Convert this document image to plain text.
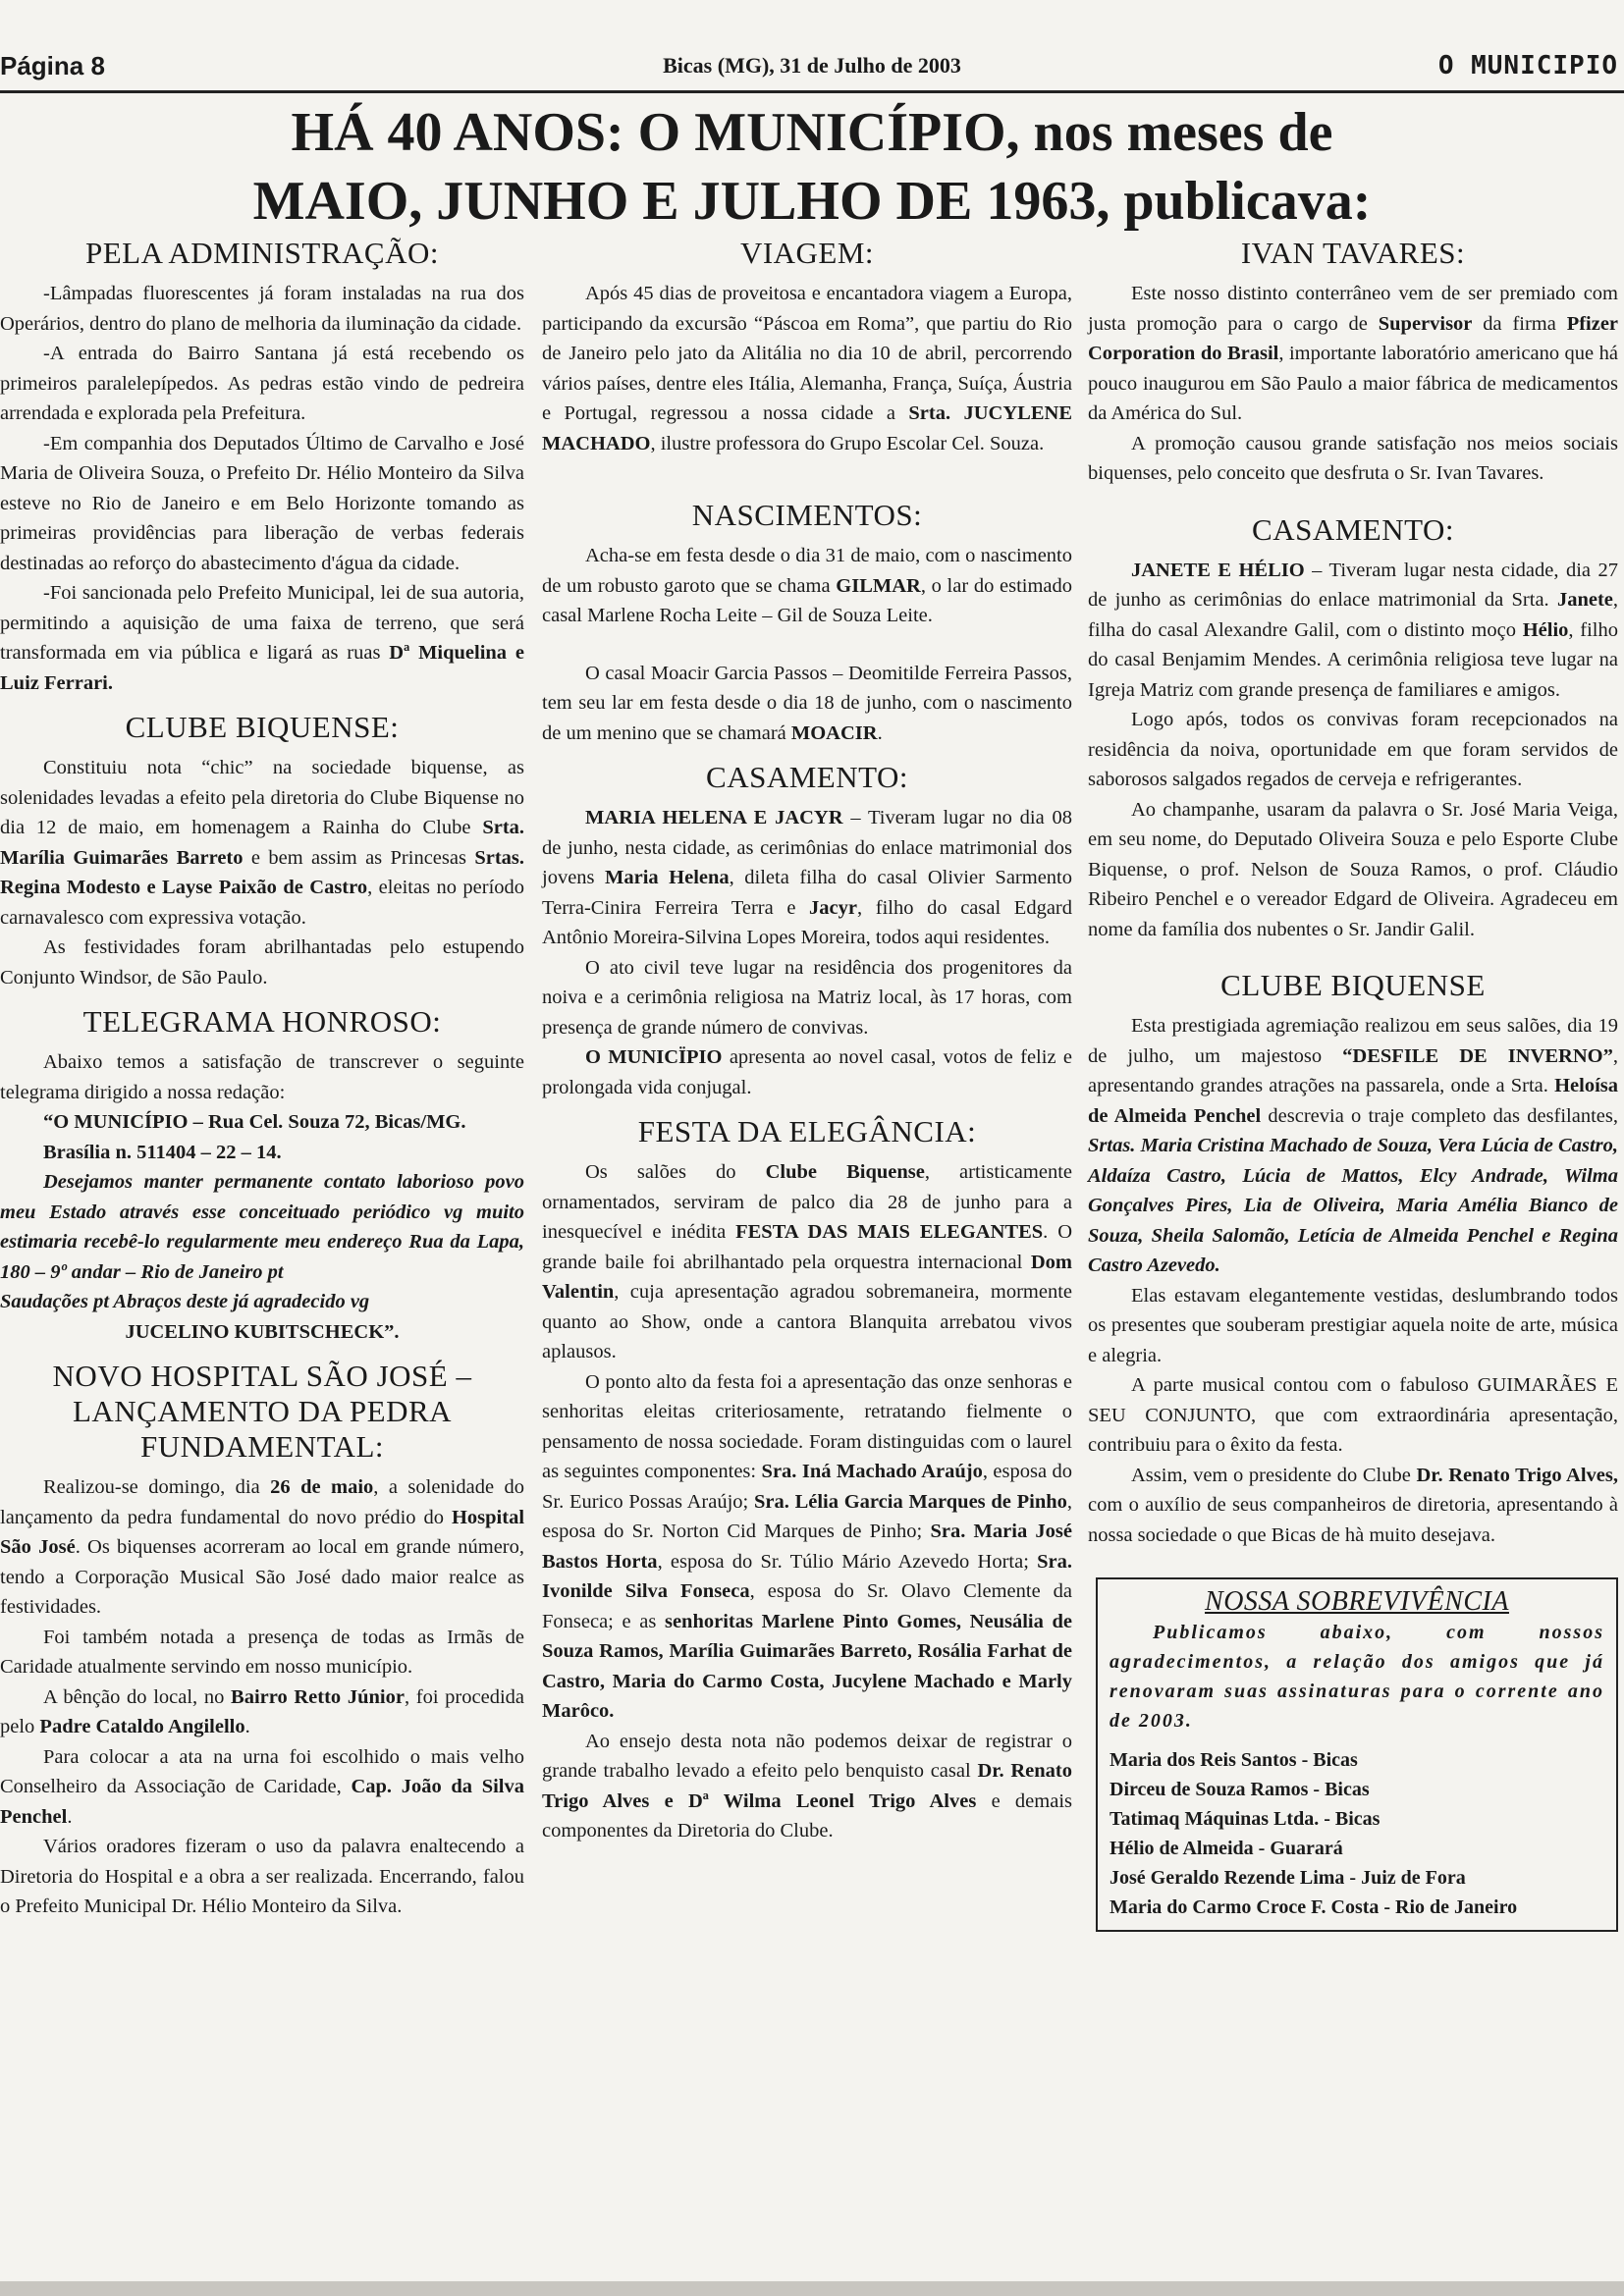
Página 8	Bicas (MG), 31 de Julho de 2003	O MUNICIPIO
HÁ 40 ANOS: O MUNICÍPIO, nos meses de
MAIO, JUNHO E JULHO DE 1963, publicava:
PELA ADMINISTRAÇÃO:

-Lâmpadas fluorescentes já foram instaladas na rua dos Operários, dentro do plano de melhoria da iluminação da cidade.

-A entrada do Bairro Santana já está recebendo os primeiros paralelepípedos. As pedras estão vindo de pedreira arrendada e explorada pela Prefeitura.

-Em companhia dos Deputados Último de Carvalho e José Maria de Oliveira Souza, o Prefeito Dr. Hélio Monteiro da Silva esteve no Rio de Janeiro e em Belo Horizonte tomando as primeiras providências para liberação de verbas federais destinadas ao reforço do abastecimento d'água da cidade.

-Foi sancionada pelo Prefeito Municipal, lei de sua autoria, permitindo a aquisição de uma faixa de terreno, que será transformada em via pública e ligará as ruas Dª Miquelina e Luiz Ferrari.

CLUBE BIQUENSE:

Constituiu nota “chic” na sociedade biquense, as solenidades levadas a efeito pela diretoria do Clube Biquense no dia 12 de maio, em homenagem a Rainha do Clube Srta. Marília Guimarães Barreto e bem assim as Princesas Srtas. Regina Modesto e Layse Paixão de Castro, eleitas no período carnavalesco com expressiva votação.

As festividades foram abrilhantadas pelo estupendo Conjunto Windsor, de São Paulo.

TELEGRAMA HONROSO:

Abaixo temos a satisfação de transcrever o seguinte telegrama dirigido a nossa redação:

“O MUNICÍPIO – Rua Cel. Souza 72, Bicas/MG.

Brasília n. 511404 – 22 – 14.

Desejamos manter permanente contato laborioso povo meu Estado através esse conceituado periódico vg muito estimaria recebê-lo regularmente meu endereço Rua da Lapa, 180 – 9º andar – Rio de Janeiro pt

Saudações pt Abraços deste já agradecido vg

JUCELINO KUBITSCHECK”.

NOVO HOSPITAL SÃO JOSÉ – LANÇAMENTO DA PEDRA FUNDAMENTAL:

Realizou-se domingo, dia 26 de maio, a solenidade do lançamento da pedra fundamental do novo prédio do Hospital São José. Os biquenses acorreram ao local em grande número, tendo a Corporação Musical São José dado maior realce as festividades.

Foi também notada a presença de todas as Irmãs de Caridade atualmente servindo em nosso município.

A bênção do local, no Bairro Retto Júnior, foi procedida pelo Padre Cataldo Angilello.

Para colocar a ata na urna foi escolhido o mais velho Conselheiro da Associação de Caridade, Cap. João da Silva Penchel.

Vários oradores fizeram o uso da palavra enaltecendo a Diretoria do Hospital e a obra a ser realizada. Encerrando, falou o Prefeito Municipal Dr. Hélio Monteiro da Silva.

VIAGEM:

Após 45 dias de proveitosa e encantadora viagem a Europa, participando da excursão “Páscoa em Roma”, que partiu do Rio de Janeiro pelo jato da Alitália no dia 10 de abril, percorrendo vários países, dentre eles Itália, Alemanha, França, Suíça, Áustria e Portugal, regressou a nossa cidade a Srta. JUCYLENE MACHADO, ilustre professora do Grupo Escolar Cel. Souza.

NASCIMENTOS:

Acha-se em festa desde o dia 31 de maio, com o nascimento de um robusto garoto que se chama GILMAR, o lar do estimado casal Marlene Rocha Leite – Gil de Souza Leite.

O casal Moacir Garcia Passos – Deomitilde Ferreira Passos, tem seu lar em festa desde o dia 18 de junho, com o nascimento de um menino que se chamará MOACIR.

CASAMENTO:

MARIA HELENA E JACYR – Tiveram lugar no dia 08 de junho, nesta cidade, as cerimônias do enlace matrimonial dos jovens Maria Helena, dileta filha do casal Olivier Sarmento Terra-Cinira Ferreira Terra e Jacyr, filho do casal Edgard Antônio Moreira-Silvina Lopes Moreira, todos aqui residentes.

O ato civil teve lugar na residência dos progenitores da noiva e a cerimônia religiosa na Matriz local, às 17 horas, com presença de grande número de convivas.

O MUNICÏPIO apresenta ao novel casal, votos de feliz e prolongada vida conjugal.

FESTA DA ELEGÂNCIA:

Os salões do Clube Biquense, artisticamente ornamentados, serviram de palco dia 28 de junho para a inesquecível e inédita FESTA DAS MAIS ELEGANTES. O grande baile foi abrilhantado pela orquestra internacional Dom Valentin, cuja apresentação agradou sobremaneira, mormente quanto ao Show, onde a cantora Blanquita arrebatou vivos aplausos.

O ponto alto da festa foi a apresentação das onze senhoras e senhoritas eleitas criteriosamente, retratando fielmente o pensamento de nossa sociedade. Foram distinguidas com o laurel as seguintes componentes: Sra. Iná Machado Araújo, esposa do Sr. Eurico Possas Araújo; Sra. Lélia Garcia Marques de Pinho, esposa do Sr. Norton Cid Marques de Pinho; Sra. Maria José Bastos Horta, esposa do Sr. Túlio Mário Azevedo Horta; Sra. Ivonilde Silva Fonseca, esposa do Sr. Olavo Clemente da Fonseca; e as senhoritas Marlene Pinto Gomes, Neusália de Souza Ramos, Marília Guimarães Barreto, Rosália Farhat de Castro, Maria do Carmo Costa, Jucylene Machado e Marly Marôco.

Ao ensejo desta nota não podemos deixar de registrar o grande trabalho levado a efeito pelo benquisto casal Dr. Renato Trigo Alves e Dª Wilma Leonel Trigo Alves e demais componentes da Diretoria do Clube.

IVAN TAVARES:

Este nosso distinto conterrâneo vem de ser premiado com justa promoção para o cargo de Supervisor da firma Pfizer Corporation do Brasil, importante laboratório americano que há pouco inaugurou em São Paulo a maior fábrica de medicamentos da América do Sul.

A promoção causou grande satisfação nos meios sociais biquenses, pelo conceito que desfruta o Sr. Ivan Tavares.

CASAMENTO:

JANETE E HÉLIO – Tiveram lugar nesta cidade, dia 27 de junho as cerimônias do enlace matrimonial da Srta. Janete, filha do casal Alexandre Galil, com o distinto moço Hélio, filho do casal Benjamim Mendes. A cerimônia religiosa teve lugar na Igreja Matriz com grande presença de familiares e amigos.

Logo após, todos os convivas foram recepcionados na residência da noiva, oportunidade em que foram servidos de saborosos salgados regados de cerveja e refrigerantes.

Ao champanhe, usaram da palavra o Sr. José Maria Veiga, em seu nome, do Deputado Oliveira Souza e pelo Esporte Clube Biquense, o prof. Nelson de Souza Ramos, o prof. Cláudio Ribeiro Penchel e o vereador Edgard de Oliveira. Agradeceu em nome da família dos nubentes o Sr. Jandir Galil.

CLUBE BIQUENSE

Esta prestigiada agremiação realizou em seus salões, dia 19 de julho, um majestoso “DESFILE DE INVERNO”, apresentando grandes atrações na passarela, onde a Srta. Heloísa de Almeida Penchel descrevia o traje completo das desfilantes, Srtas. Maria Cristina Machado de Souza, Vera Lúcia de Castro, Aldaíza Castro, Lúcia de Mattos, Elcy Andrade, Wilma Gonçalves Pires, Lia de Oliveira, Maria Amélia Bianco de Souza, Sheila Salomão, Letícia de Almeida Penchel e Regina Castro Azevedo.

Elas estavam elegantemente vestidas, deslumbrando todos os presentes que souberam prestigiar aquela noite de arte, música e alegria.

A parte musical contou com o fabuloso GUIMARÃES E SEU CONJUNTO, que com extraordinária apresentação, contribuiu para o êxito da festa.

Assim, vem o presidente do Clube Dr. Renato Trigo Alves, com o auxílio de seus companheiros de diretoria, apresentando à nossa sociedade o que Bicas de hà muito desejava.

NOSSA SOBREVIVÊNCIA

Publicamos abaixo, com nossos agradecimentos, a relação dos amigos que já renovaram suas assinaturas para o corrente ano de 2003.

Maria dos Reis Santos - Bicas
Dirceu de Souza Ramos - Bicas
Tatimaq Máquinas Ltda. - Bicas
Hélio de Almeida - Guarará
José Geraldo Rezende Lima - Juiz de Fora
Maria do Carmo Croce F. Costa - Rio de Janeiro
